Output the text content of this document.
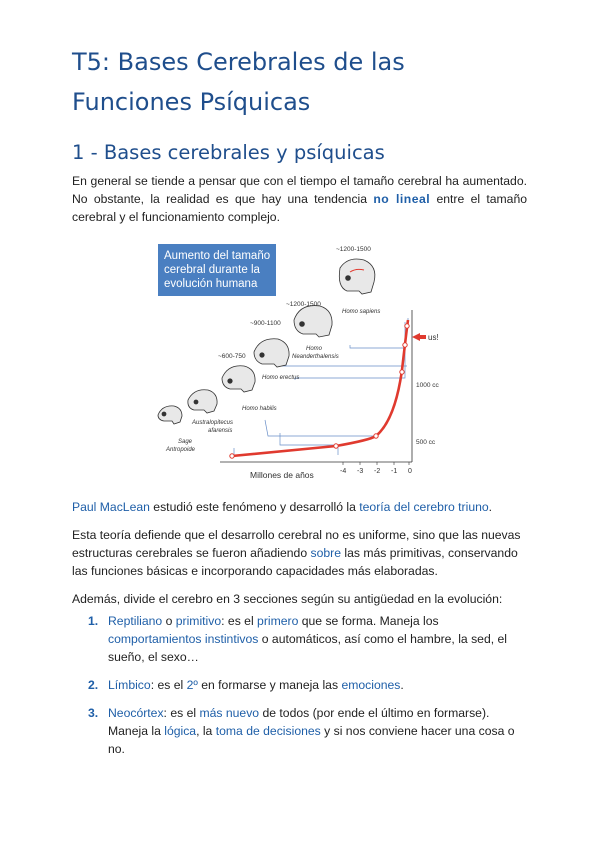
T5: Bases Cerebrales de las Funciones Psíquicas
1 - Bases cerebrales y psíquicas

En general se tiende a pensar que con el tiempo el tamaño cerebral ha aumentado. No obstante, la realidad es que hay una tendencia no lineal entre el tamaño cerebral y el funcionamiento complejo.

Aumento del tamaño
cerebral durante la
evolución humana
-4 -3 -2 -1 0
Millones de años
1000 cc
500 cc
us!
Sage
Antropoide
Australopitecus
afarensis
Homo habilis
Homo erectus
Homo
Neanderthalensis
Homo sapiens
~600-750
~900-1100
~1200-1500
~1200-1500

Paul MacLean estudió este fenómeno y desarrolló la teoría del cerebro triuno.

Esta teoría defiende que el desarrollo cerebral no es uniforme, sino que las nuevas estructuras cerebrales se fueron añadiendo sobre las más primitivas, conservando las funciones básicas e incorporando capacidades más elaboradas.

Además, divide el cerebro en 3 secciones según su antigüedad en la evolución:

1. Reptiliano o primitivo: es el primero que se forma. Maneja los comportamientos instintivos o automáticos, así como el hambre, la sed, el sueño, el sexo…
2. Límbico: es el 2º en formarse y maneja las emociones.
3. Neocórtex: es el más nuevo de todos (por ende el último en formarse). Maneja la lógica, la toma de decisiones y si nos conviene hacer una cosa o no.
